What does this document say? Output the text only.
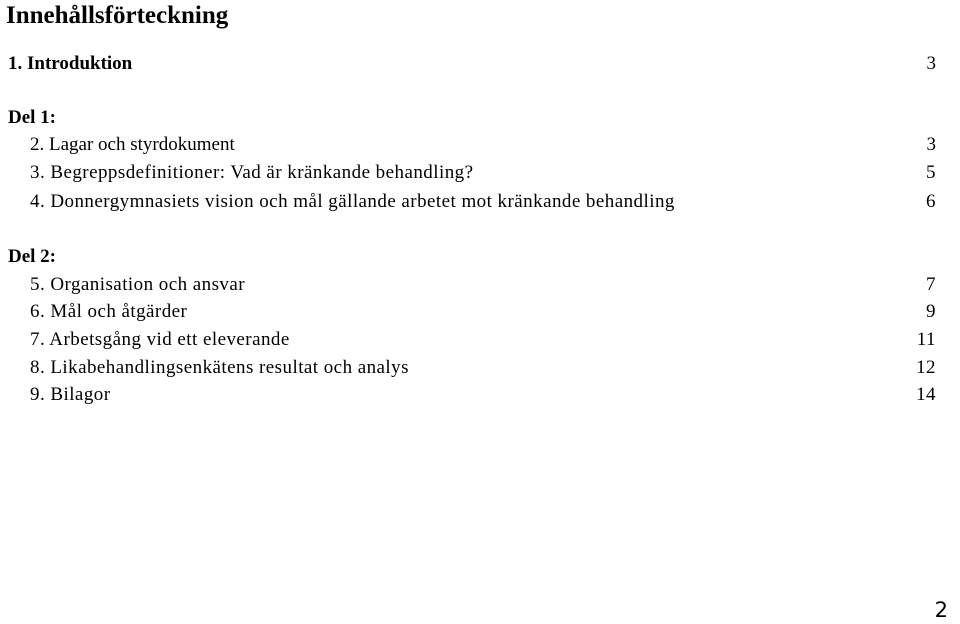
Innehållsförteckning
1. Introduktion	3
Del 1:
2. Lagar och styrdokument	3
3. Begreppsdefinitioner: Vad är kränkande behandling?	5
4. Donnergymnasiets vision och mål gällande arbetet mot kränkande behandling	6
Del 2:
5. Organisation och ansvar	7
6. Mål och åtgärder	9
7. Arbetsgång vid ett eleverande	11
8. Likabehandlingsenkätens resultat och analys	12
9. Bilagor	14
2
